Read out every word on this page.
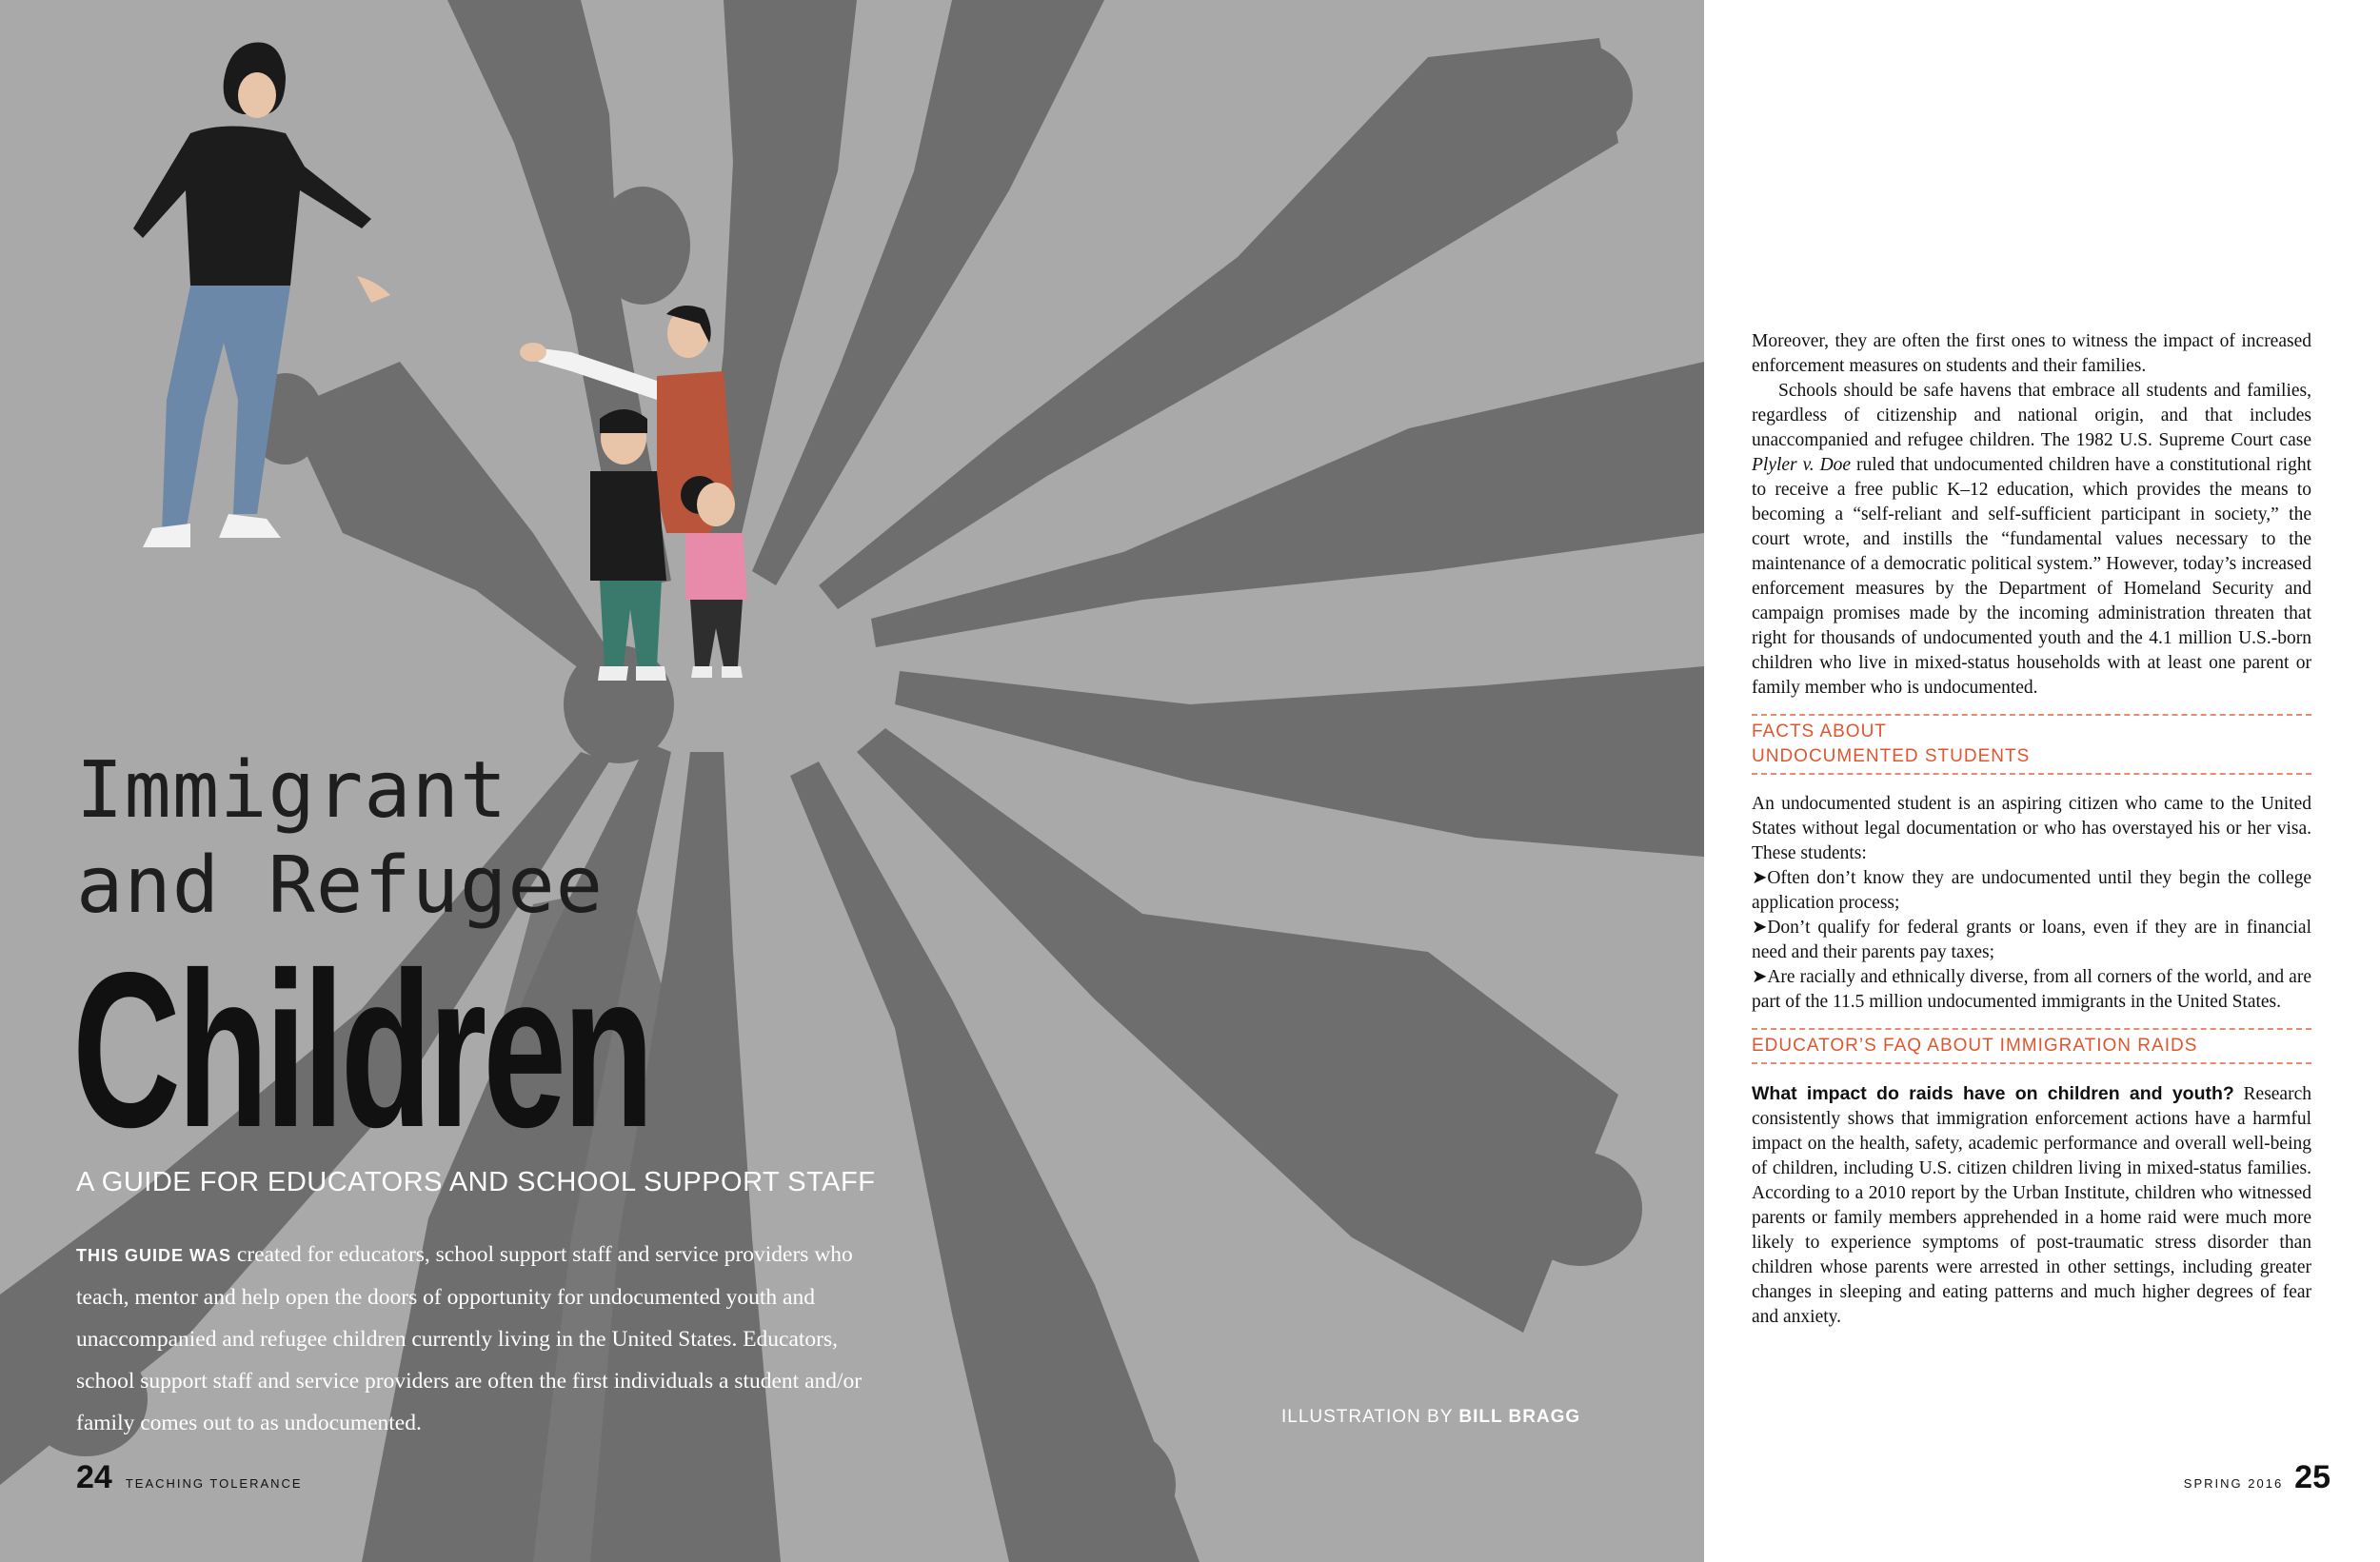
Immigrant
and Refugee
Children
A GUIDE FOR EDUCATORS AND SCHOOL SUPPORT STAFF

THIS GUIDE WAS created for educators, school support staff and service providers who teach, mentor and help open the doors of opportunity for undocumented youth and unaccompanied and refugee children currently living in the United States. Educators, school support staff and service providers are often the first individuals a student and/or family comes out to as undocumented.	ILLUSTRATION BY BILL BRAGG
24 TEACHING TOLERANCE

Moreover, they are often the first ones to witness the impact of increased enforcement measures on students and their families.

Schools should be safe havens that embrace all students and families, regardless of citizenship and national origin, and that includes unaccompanied and refugee children. The 1982 U.S. Supreme Court case Plyler v. Doe ruled that undocumented children have a constitutional right to receive a free public K–12 education, which provides the means to becoming a “self-reliant and self-sufficient participant in society,” the court wrote, and instills the “fundamental values necessary to the maintenance of a democratic political system.” However, today’s increased enforcement measures by the Department of Homeland Security and campaign promises made by the incoming administration threaten that right for thousands of undocumented youth and the 4.1 million U.S.-born children who live in mixed-status households with at least one parent or family member who is undocumented.

FACTS ABOUT
UNDOCUMENTED STUDENTS

An undocumented student is an aspiring citizen who came to the United States without legal documentation or who has overstayed his or her visa. These students:

➤Often don’t know they are undocumented until they begin the college application process;

➤Don’t qualify for federal grants or loans, even if they are in financial need and their parents pay taxes;

➤Are racially and ethnically diverse, from all corners of the world, and are part of the 11.5 million undocumented immigrants in the United States.

EDUCATOR’S FAQ ABOUT IMMIGRATION RAIDS

What impact do raids have on children and youth? Research consistently shows that immigration enforcement actions have a harmful impact on the health, safety, academic performance and overall well-being of children, including U.S. citizen children living in mixed-status families. According to a 2010 report by the Urban Institute, children who witnessed parents or family members apprehended in a home raid were much more likely to experience symptoms of post-traumatic stress disorder than children whose parents were arrested in other settings, including greater changes in sleeping and eating patterns and much higher degrees of fear and anxiety.

SPRING 2016 25
